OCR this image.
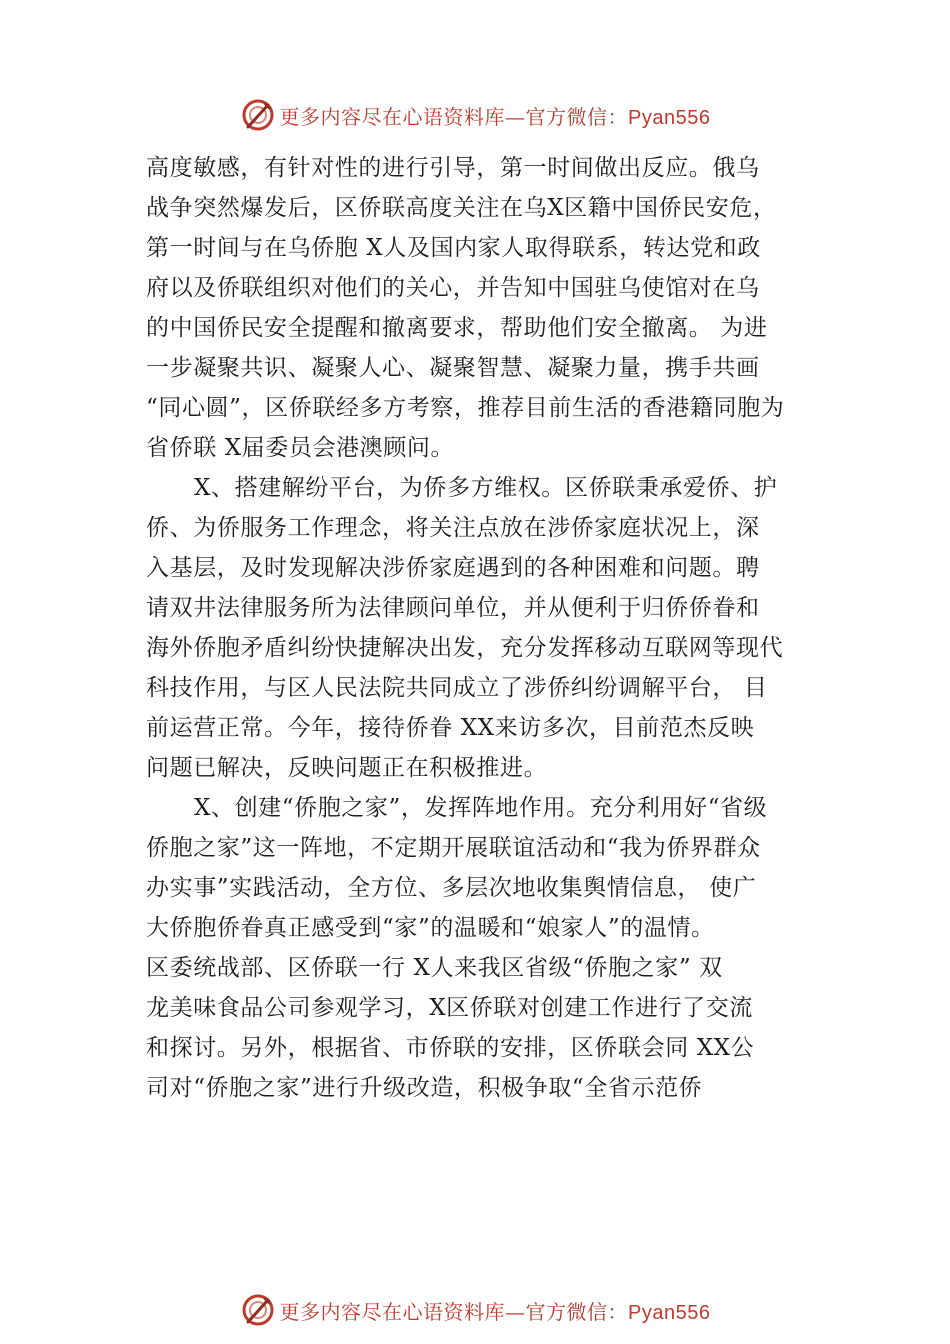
更多内容尽在心语资料库—官方微信：Pyan556
高度敏感，有针对性的进行引导，第一时间做出反应。俄乌
战争突然爆发后，区侨联高度关注在乌X区籍中国侨民安危，
第一时间与在乌侨胞 X人及国内家人取得联系，转达党和政
府以及侨联组织对他们的关心，并告知中国驻乌使馆对在乌
的中国侨民安全提醒和撤离要求，帮助他们安全撤离。 为进
一步凝聚共识、凝聚人心、凝聚智慧、凝聚力量，携手共画
“同心圆”，区侨联经多方考察，推荐目前生活的香港籍同胞为
省侨联 X届委员会港澳顾问。
X、搭建解纷平台，为侨多方维权。区侨联秉承爱侨、护
侨、为侨服务工作理念，将关注点放在涉侨家庭状况上，深
入基层，及时发现解决涉侨家庭遇到的各种困难和问题。聘
请双井法律服务所为法律顾问单位，并从便利于归侨侨眷和
海外侨胞矛盾纠纷快捷解决出发，充分发挥移动互联网等现代
科技作用，与区人民法院共同成立了涉侨纠纷调解平台， 目
前运营正常。今年，接待侨眷 XX来访多次，目前范杰反映
问题已解决，反映问题正在积极推进。
X、创建“侨胞之家”，发挥阵地作用。充分利用好“省级
侨胞之家”这一阵地，不定期开展联谊活动和“我为侨界群众
办实事”实践活动，全方位、多层次地收集舆情信息， 使广
大侨胞侨眷真正感受到“家”的温暖和“娘家人”的温情。
区委统战部、区侨联一行 X人来我区省级“侨胞之家” 双
龙美味食品公司参观学习，X区侨联对创建工作进行了交流
和探讨。另外，根据省、市侨联的安排，区侨联会同 XX公
司对“侨胞之家”进行升级改造，积极争取“全省示范侨
更多内容尽在心语资料库—官方微信：Pyan556
